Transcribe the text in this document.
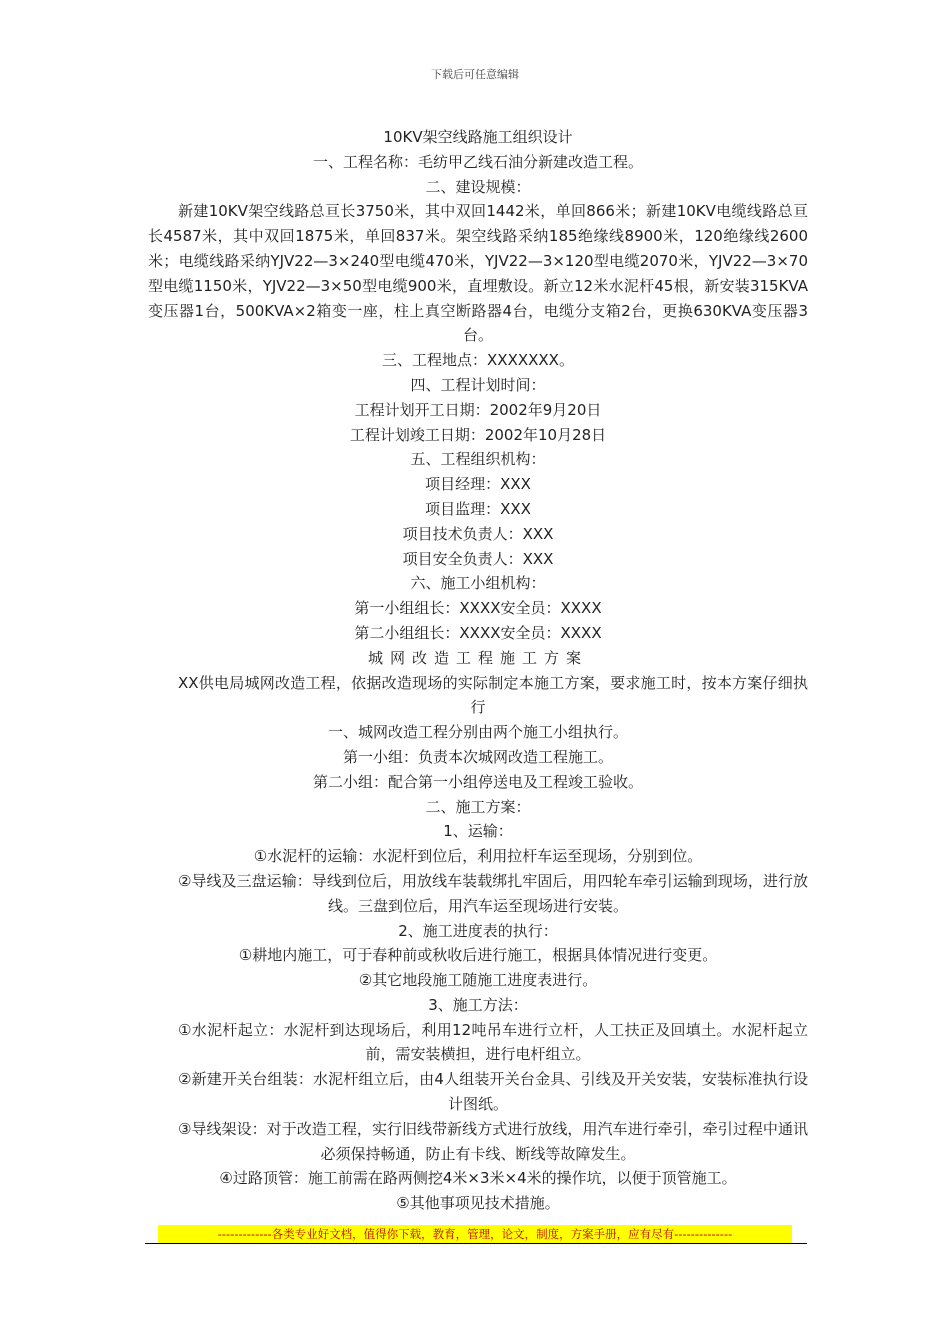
下载后可任意编辑

10KV架空线路施工组织设计

一、工程名称：毛纺甲乙线石油分新建改造工程。

二、建设规模：

新建10KV架空线路总亘长3750米，其中双回1442米，单回866米；新建10KV电缆线路总亘长4587米，其中双回1875米，单回837米。架空线路采纳185绝缘线8900米，120绝缘线2600米；电缆线路采纳YJV22—3×240型电缆470米，YJV22—3×120型电缆2070米，YJV22—3×70型电缆1150米，YJV22—3×50型电缆900米，直埋敷设。新立12米水泥杆45根，新安装315KVA变压器1台，500KVA×2箱变一座，柱上真空断路器4台，电缆分支箱2台，更换630KVA变压器3台。

三、工程地点：XXXXXXX。

四、工程计划时间：

工程计划开工日期：2002年9月20日

工程计划竣工日期：2002年10月28日

五、工程组织机构：

项目经理：XXX

项目监理：XXX

项目技术负责人：XXX

项目安全负责人：XXX

六、施工小组机构：

第一小组组长：XXXX安全员：XXXX

第二小组组长：XXXX安全员：XXXX

城网改造工程施工方案

XX供电局城网改造工程，依据改造现场的实际制定本施工方案，要求施工时，按本方案仔细执行

一、城网改造工程分别由两个施工小组执行。

第一小组：负责本次城网改造工程施工。

第二小组：配合第一小组停送电及工程竣工验收。

二、施工方案：

1、运输：

①水泥杆的运输：水泥杆到位后，利用拉杆车运至现场，分别到位。

②导线及三盘运输：导线到位后，用放线车装载绑扎牢固后，用四轮车牵引运输到现场，进行放线。三盘到位后，用汽车运至现场进行安装。

2、施工进度表的执行：

①耕地内施工，可于春种前或秋收后进行施工，根据具体情况进行变更。

②其它地段施工随施工进度表进行。

3、施工方法：

①水泥杆起立：水泥杆到达现场后，利用12吨吊车进行立杆，人工扶正及回填土。水泥杆起立前，需安装横担，进行电杆组立。

②新建开关台组装：水泥杆组立后，由4人组装开关台金具、引线及开关安装，安装标准执行设计图纸。

③导线架设：对于改造工程，实行旧线带新线方式进行放线，用汽车进行牵引，牵引过程中通讯必须保持畅通，防止有卡线、断线等故障发生。

④过路顶管：施工前需在路两侧挖4米×3米×4米的操作坑，以便于顶管施工。

⑤其他事项见技术措施。

-------------各类专业好文档，值得你下载，教育，管理，论文，制度，方案手册，应有尽有--------------
